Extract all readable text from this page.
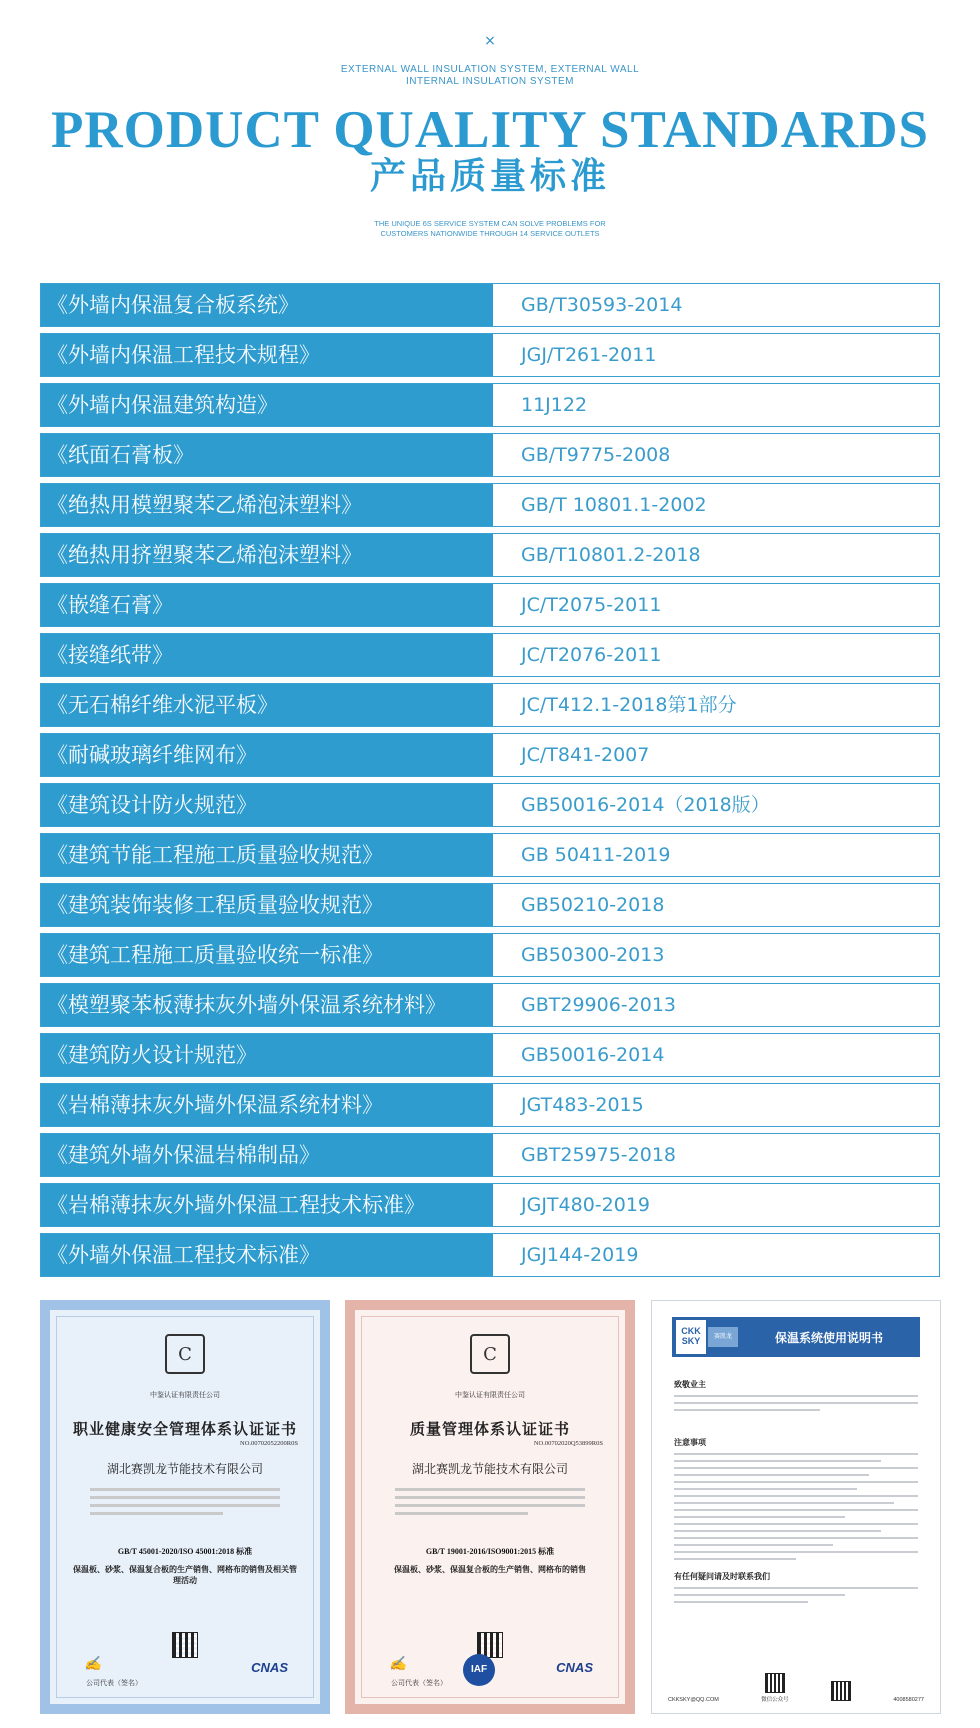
×
EXTERNAL WALL INSULATION SYSTEM, EXTERNAL WALL INTERNAL INSULATION SYSTEM
PRODUCT QUALITY STANDARDS
产品质量标准
THE UNIQUE 6S SERVICE SYSTEM CAN SOLVE PROBLEMS FOR CUSTOMERS NATIONWIDE THROUGH 14 SERVICE OUTLETS
《外墙内保温复合板系统》	GB/T30593-2014
《外墙内保温工程技术规程》	JGJ/T261-2011
《外墙内保温建筑构造》	11J122
《纸面石膏板》	GB/T9775-2008
《绝热用模塑聚苯乙烯泡沫塑料》	GB/T 10801.1-2002
《绝热用挤塑聚苯乙烯泡沫塑料》	GB/T10801.2-2018
《嵌缝石膏》	JC/T2075-2011
《接缝纸带》	JC/T2076-2011
《无石棉纤维水泥平板》	JC/T412.1-2018第1部分
《耐碱玻璃纤维网布》	JC/T841-2007
《建筑设计防火规范》	GB50016-2014（2018版）
《建筑节能工程施工质量验收规范》	GB 50411-2019
《建筑装饰装修工程质量验收规范》	GB50210-2018
《建筑工程施工质量验收统一标准》	GB50300-2013
《模塑聚苯板薄抹灰外墙外保温系统材料》	GBT29906-2013
《建筑防火设计规范》	GB50016-2014
《岩棉薄抹灰外墙外保温系统材料》	JGT483-2015
《建筑外墙外保温岩棉制品》	GBT25975-2018
《岩棉薄抹灰外墙外保温工程技术标准》	JGJT480-2019
《外墙外保温工程技术标准》	JGJ144-2019
C
中鉴认证有限责任公司
职业健康安全管理体系认证证书
NO.00702052200R0S
湖北赛凯龙节能技术有限公司
GB/T 45001-2020/ISO 45001:2018 标准
保温板、砂浆、保温复合板的生产销售、网格布的销售及相关管理活动
✍
公司代表（签名）
CNAS
C
中鉴认证有限责任公司
质量管理体系认证证书
NO.00702020Q53899R0S
湖北赛凯龙节能技术有限公司
GB/T 19001-2016/ISO9001:2015 标准
保温板、砂浆、保温复合板的生产销售、网格布的销售
✍
公司代表（签名）
IAF	CNAS
CKK SKY	赛凯龙	保温系统使用说明书
致敬业主
注意事项
有任何疑问请及时联系我们
CKKSKY@QQ.COM	微信公众号	4008580277
